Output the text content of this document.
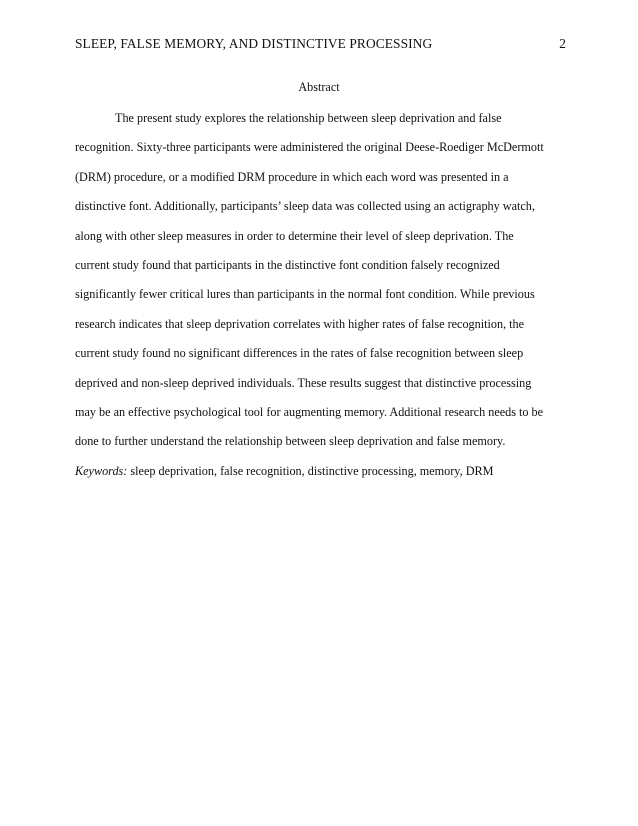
SLEEP, FALSE MEMORY, AND DISTINCTIVE PROCESSING	2
Abstract
The present study explores the relationship between sleep deprivation and false
recognition. Sixty-three participants were administered the original Deese-Roediger McDermott
(DRM) procedure, or a modified DRM procedure in which each word was presented in a
distinctive font. Additionally, participants’ sleep data was collected using an actigraphy watch,
along with other sleep measures in order to determine their level of sleep deprivation. The
current study found that participants in the distinctive font condition falsely recognized
significantly fewer critical lures than participants in the normal font condition. While previous
research indicates that sleep deprivation correlates with higher rates of false recognition, the
current study found no significant differences in the rates of false recognition between sleep
deprived and non-sleep deprived individuals. These results suggest that distinctive processing
may be an effective psychological tool for augmenting memory. Additional research needs to be
done to further understand the relationship between sleep deprivation and false memory.
Keywords: sleep deprivation, false recognition, distinctive processing, memory, DRM
